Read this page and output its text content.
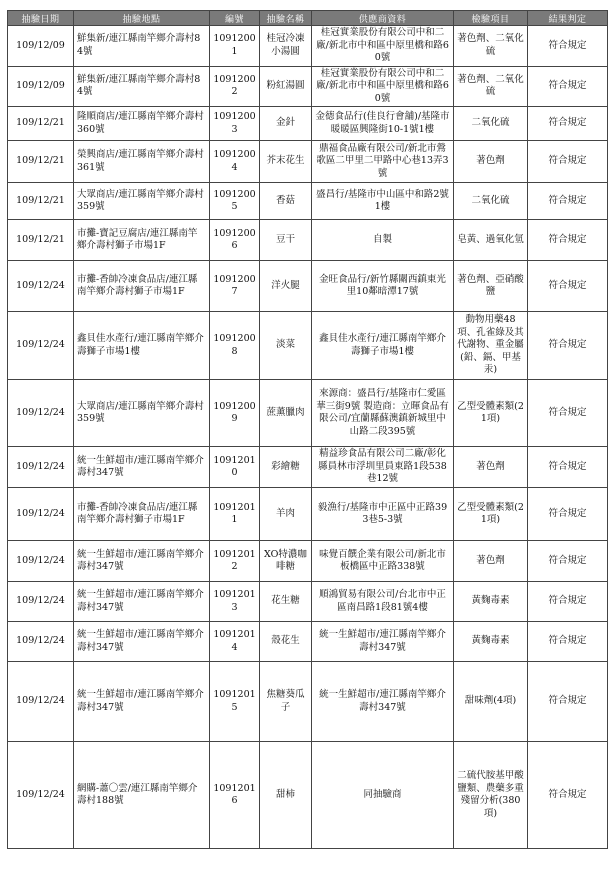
抽驗日期	抽驗地點	編號	抽驗名稱	供應商資料	檢驗項目	結果判定
109/12/09	鮮集新/連江縣南竿鄉介壽村84號	10912001	桂冠冷凍小湯圓	桂冠實業股份有限公司中和二廠/新北市中和區中原里橋和路60號	著色劑、二氧化硫	符合規定
109/12/09	鮮集新/連江縣南竿鄉介壽村84號	10912002	粉紅湯圓	桂冠實業股份有限公司中和二廠/新北市中和區中原里橋和路60號	著色劑、二氧化硫	符合規定
109/12/21	隆順商店/連江縣南竿鄉介壽村360號	10912003	金針	金德食品行(佳良行會舖)/基隆市暖暖區興隆街10-1號1樓	二氧化硫	符合規定
109/12/21	榮興商店/連江縣南竿鄉介壽村361號	10912004	芥末花生	鼎福食品廠有限公司/新北市鶯歌區二甲里二甲路中心巷13弄3號	著色劑	符合規定
109/12/21	大眾商店/連江縣南竿鄉介壽村359號	10912005	香菇	盛昌行/基隆市中山區中和路2號1樓	二氧化硫	符合規定
109/12/21	市攤-寶記豆腐店/連江縣南竿鄉介壽村獅子市場1F	10912006	豆干	自製	皂黃、過氧化氫	符合規定
109/12/24	市攤-香帥冷凍食品店/連江縣南竿鄉介壽村獅子市場1F	10912007	洋火腿	金旺食品行/新竹縣關西鎮東光里10鄰暗潭17號	著色劑、亞硝酸鹽	符合規定
109/12/24	鑫貝佳水產行/連江縣南竿鄉介壽獅子市場1樓	10912008	淡菜	鑫貝佳水產行/連江縣南竿鄉介壽獅子市場1樓	動物用藥48項、孔雀綠及其代謝物、重金屬(鉛、鎘、甲基汞)	符合規定
109/12/24	大眾商店/連江縣南竿鄉介壽村359號	10912009	蔗薰臘肉	來源商：盛昌行/基隆市仁愛區華三街9號 製造商：立暉食品有限公司/宜蘭縣蘇澳鎮新城里中山路二段395號	乙型受體素類(21項)	符合規定
109/12/24	統一生鮮超市/連江縣南竿鄉介壽村347號	10912010	彩繪糖	精益珍食品有限公司二廠/彰化縣員林市浮圳里員東路1段538巷12號	著色劑	符合規定
109/12/24	市攤-香帥冷凍食品店/連江縣南竿鄉介壽村獅子市場1F	10912011	羊肉	毅漁行/基隆市中正區中正路393巷5-3號	乙型受體素類(21項)	符合規定
109/12/24	統一生鮮超市/連江縣南竿鄉介壽村347號	10912012	XO特濃咖啡糖	味覺百饌企業有限公司/新北市板橋區中正路338號	著色劑	符合規定
109/12/24	統一生鮮超市/連江縣南竿鄉介壽村347號	10912013	花生糖	順鴻貿易有限公司/台北市中正區南昌路1段81號4樓	黃麴毒素	符合規定
109/12/24	統一生鮮超市/連江縣南竿鄉介壽村347號	10912014	殼花生	統一生鮮超市/連江縣南竿鄉介壽村347號	黃麴毒素	符合規定
109/12/24	統一生鮮超市/連江縣南竿鄉介壽村347號	10912015	焦糖葵瓜子	統一生鮮超市/連江縣南竿鄉介壽村347號	甜味劑(4項)	符合規定
109/12/24	網購-蕭〇雲/連江縣南竿鄉介壽村188號	10912016	甜柿	同抽驗商	二硫代胺基甲酸鹽類、農藥多重殘留分析(380項)	符合規定
